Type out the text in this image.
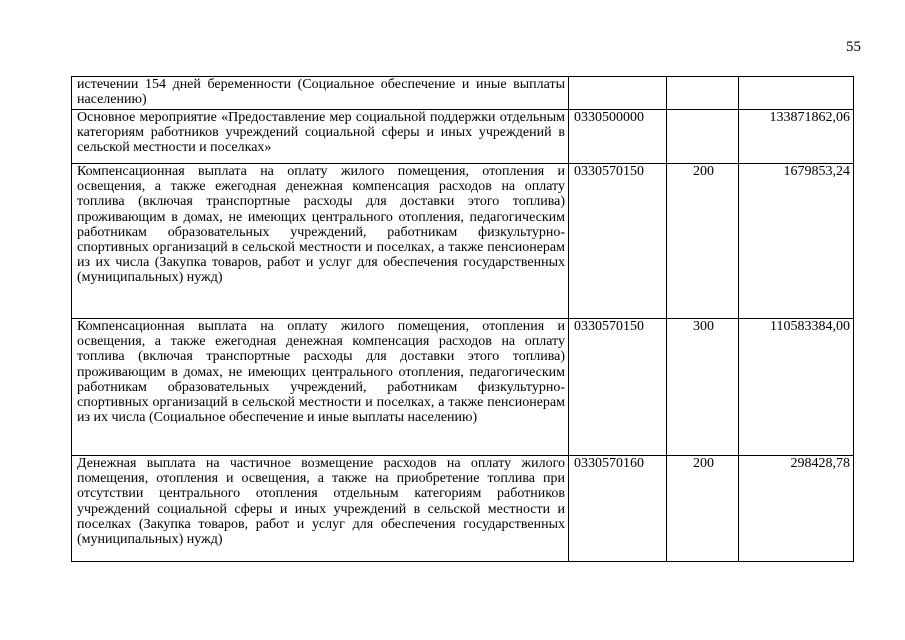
55
истечении 154 дней беременности (Социальное обеспечение и иные выплаты населению)			
Основное мероприятие «Предоставление мер социальной поддержки отдельным категориям работников учреждений социальной сферы и иных учреждений в сельской местности и поселках»	0330500000		133871862,06
Компенсационная выплата на оплату жилого помещения, отопления и освещения, а также ежегодная денежная компенсация расходов на оплату топлива (включая транспортные расходы для доставки этого топлива) проживающим в домах, не имеющих центрального отопления, педагогическим работникам образовательных учреждений, работникам физкультурно-спортивных организаций в сельской местности и поселках, а также пенсионерам из их числа (Закупка товаров, работ и услуг для обеспечения государственных (муниципальных) нужд)	0330570150	200	1679853,24
Компенсационная выплата на оплату жилого помещения, отопления и освещения, а также ежегодная денежная компенсация расходов на оплату топлива (включая транспортные расходы для доставки этого топлива) проживающим в домах, не имеющих центрального отопления, педагогическим работникам образовательных учреждений, работникам физкультурно-спортивных организаций в сельской местности и поселках, а также пенсионерам из их числа (Социальное обеспечение и иные выплаты населению)	0330570150	300	110583384,00
Денежная выплата на частичное возмещение расходов на оплату жилого помещения, отопления и освещения, а также на приобретение топлива при отсутствии центрального отопления отдельным категориям работников учреждений социальной сферы и иных учреждений в сельской местности и поселках (Закупка товаров, работ и услуг для обеспечения государственных (муниципальных) нужд)	0330570160	200	298428,78
